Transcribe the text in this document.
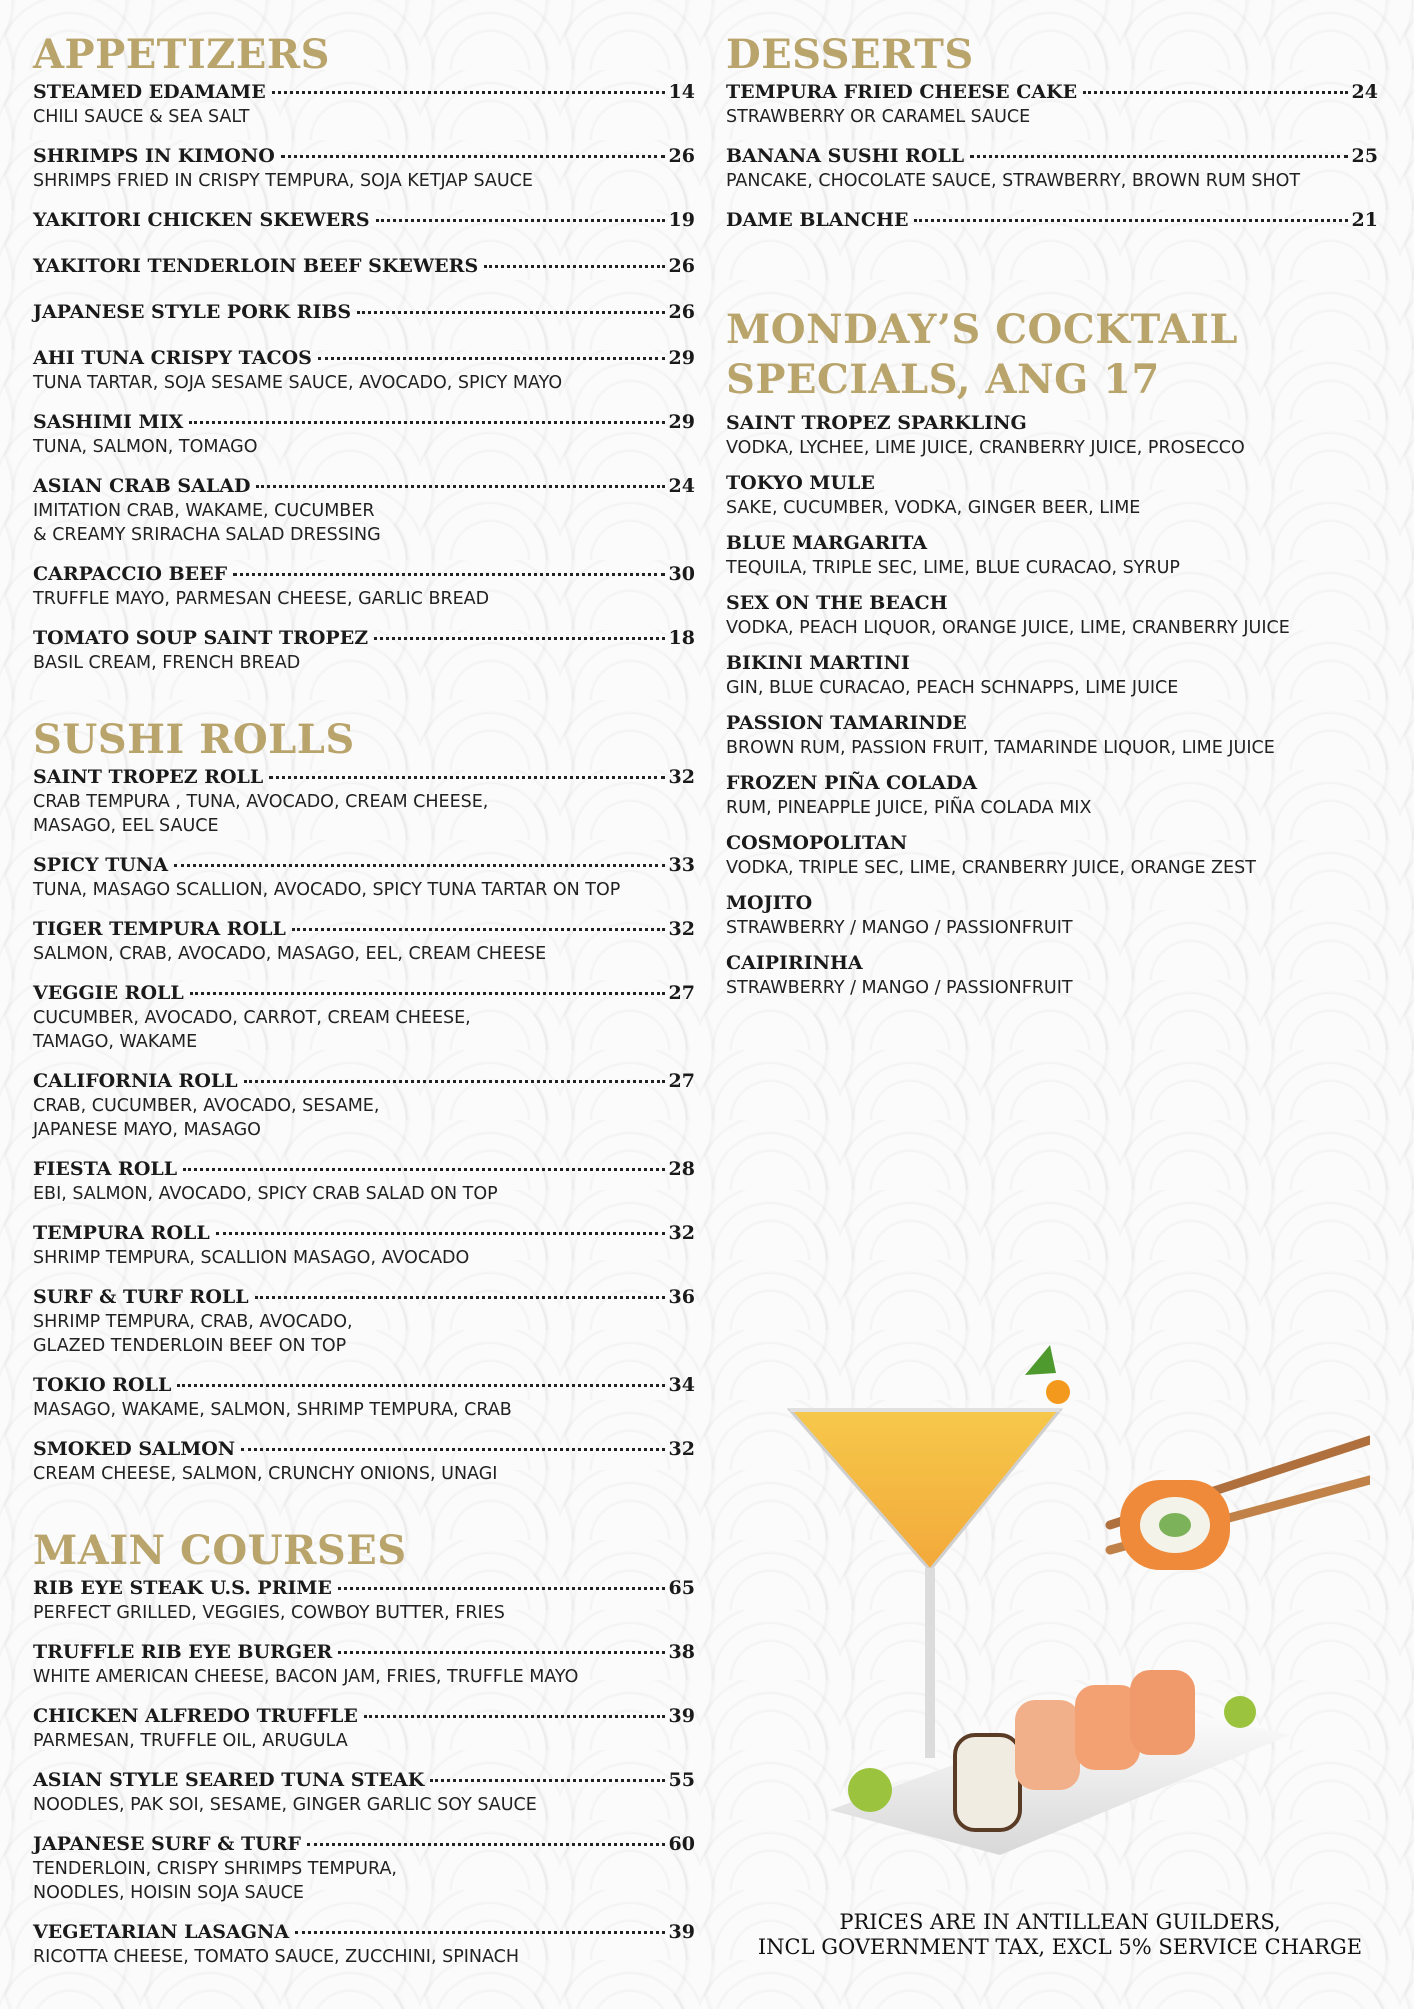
APPETIZERS
STEAMED EDAMAME	14
CHILI SAUCE & SEA SALT
SHRIMPS IN KIMONO	26
SHRIMPS FRIED IN CRISPY TEMPURA, SOJA KETJAP SAUCE
YAKITORI CHICKEN SKEWERS	19
YAKITORI TENDERLOIN BEEF SKEWERS	26
JAPANESE STYLE PORK RIBS	26
AHI TUNA CRISPY TACOS	29
TUNA TARTAR, SOJA SESAME SAUCE, AVOCADO, SPICY MAYO
SASHIMI MIX	29
TUNA, SALMON, TOMAGO
ASIAN CRAB SALAD	24
IMITATION CRAB, WAKAME, CUCUMBER
& CREAMY SRIRACHA SALAD DRESSING
CARPACCIO BEEF	30
TRUFFLE MAYO, PARMESAN CHEESE, GARLIC BREAD
TOMATO SOUP SAINT TROPEZ	18
BASIL CREAM, FRENCH BREAD
SUSHI ROLLS
SAINT TROPEZ ROLL	32
CRAB TEMPURA , TUNA, AVOCADO, CREAM CHEESE,
MASAGO, EEL SAUCE
SPICY TUNA	33
TUNA, MASAGO SCALLION, AVOCADO, SPICY TUNA TARTAR ON TOP
TIGER TEMPURA ROLL	32
SALMON, CRAB, AVOCADO, MASAGO, EEL, CREAM CHEESE
VEGGIE ROLL	27
CUCUMBER, AVOCADO, CARROT, CREAM CHEESE,
TAMAGO, WAKAME
CALIFORNIA ROLL	27
CRAB, CUCUMBER, AVOCADO, SESAME,
JAPANESE MAYO, MASAGO
FIESTA ROLL	28
EBI, SALMON, AVOCADO, SPICY CRAB SALAD ON TOP
TEMPURA ROLL	32
SHRIMP TEMPURA, SCALLION MASAGO, AVOCADO
SURF & TURF ROLL	36
SHRIMP TEMPURA, CRAB, AVOCADO,
GLAZED TENDERLOIN BEEF ON TOP
TOKIO ROLL	34
MASAGO, WAKAME, SALMON, SHRIMP TEMPURA, CRAB
SMOKED SALMON	32
CREAM CHEESE, SALMON, CRUNCHY ONIONS, UNAGI
MAIN COURSES
RIB EYE STEAK U.S. PRIME	65
PERFECT GRILLED, VEGGIES, COWBOY BUTTER, FRIES
TRUFFLE RIB EYE BURGER	38
WHITE AMERICAN CHEESE, BACON JAM, FRIES, TRUFFLE MAYO
CHICKEN ALFREDO TRUFFLE	39
PARMESAN, TRUFFLE OIL, ARUGULA
ASIAN STYLE SEARED TUNA STEAK	55
NOODLES, PAK SOI, SESAME, GINGER GARLIC SOY SAUCE
JAPANESE SURF & TURF	60
TENDERLOIN, CRISPY SHRIMPS TEMPURA,
NOODLES, HOISIN SOJA SAUCE
VEGETARIAN LASAGNA	39
RICOTTA CHEESE, TOMATO SAUCE, ZUCCHINI, SPINACH
DESSERTS
TEMPURA FRIED CHEESE CAKE	24
STRAWBERRY OR CARAMEL SAUCE
BANANA SUSHI ROLL	25
PANCAKE, CHOCOLATE SAUCE, STRAWBERRY, BROWN RUM SHOT
DAME BLANCHE	21
MONDAY’S COCKTAIL
SPECIALS, ANG 17
SAINT TROPEZ SPARKLING
VODKA, LYCHEE, LIME JUICE, CRANBERRY JUICE, PROSECCO
TOKYO MULE
SAKE, CUCUMBER, VODKA, GINGER BEER, LIME
BLUE MARGARITA
TEQUILA, TRIPLE SEC, LIME, BLUE CURACAO, SYRUP
SEX ON THE BEACH
VODKA, PEACH LIQUOR, ORANGE JUICE, LIME, CRANBERRY JUICE
BIKINI MARTINI
GIN, BLUE CURACAO, PEACH SCHNAPPS, LIME JUICE
PASSION TAMARINDE
BROWN RUM, PASSION FRUIT, TAMARINDE LIQUOR, LIME JUICE
FROZEN PIÑA COLADA
RUM, PINEAPPLE JUICE, PIÑA COLADA MIX
COSMOPOLITAN
VODKA, TRIPLE SEC, LIME, CRANBERRY JUICE, ORANGE ZEST
MOJITO
STRAWBERRY / MANGO / PASSIONFRUIT
CAIPIRINHA
STRAWBERRY / MANGO / PASSIONFRUIT
PRICES ARE IN ANTILLEAN GUILDERS,
INCL GOVERNMENT TAX, EXCL 5% SERVICE CHARGE
